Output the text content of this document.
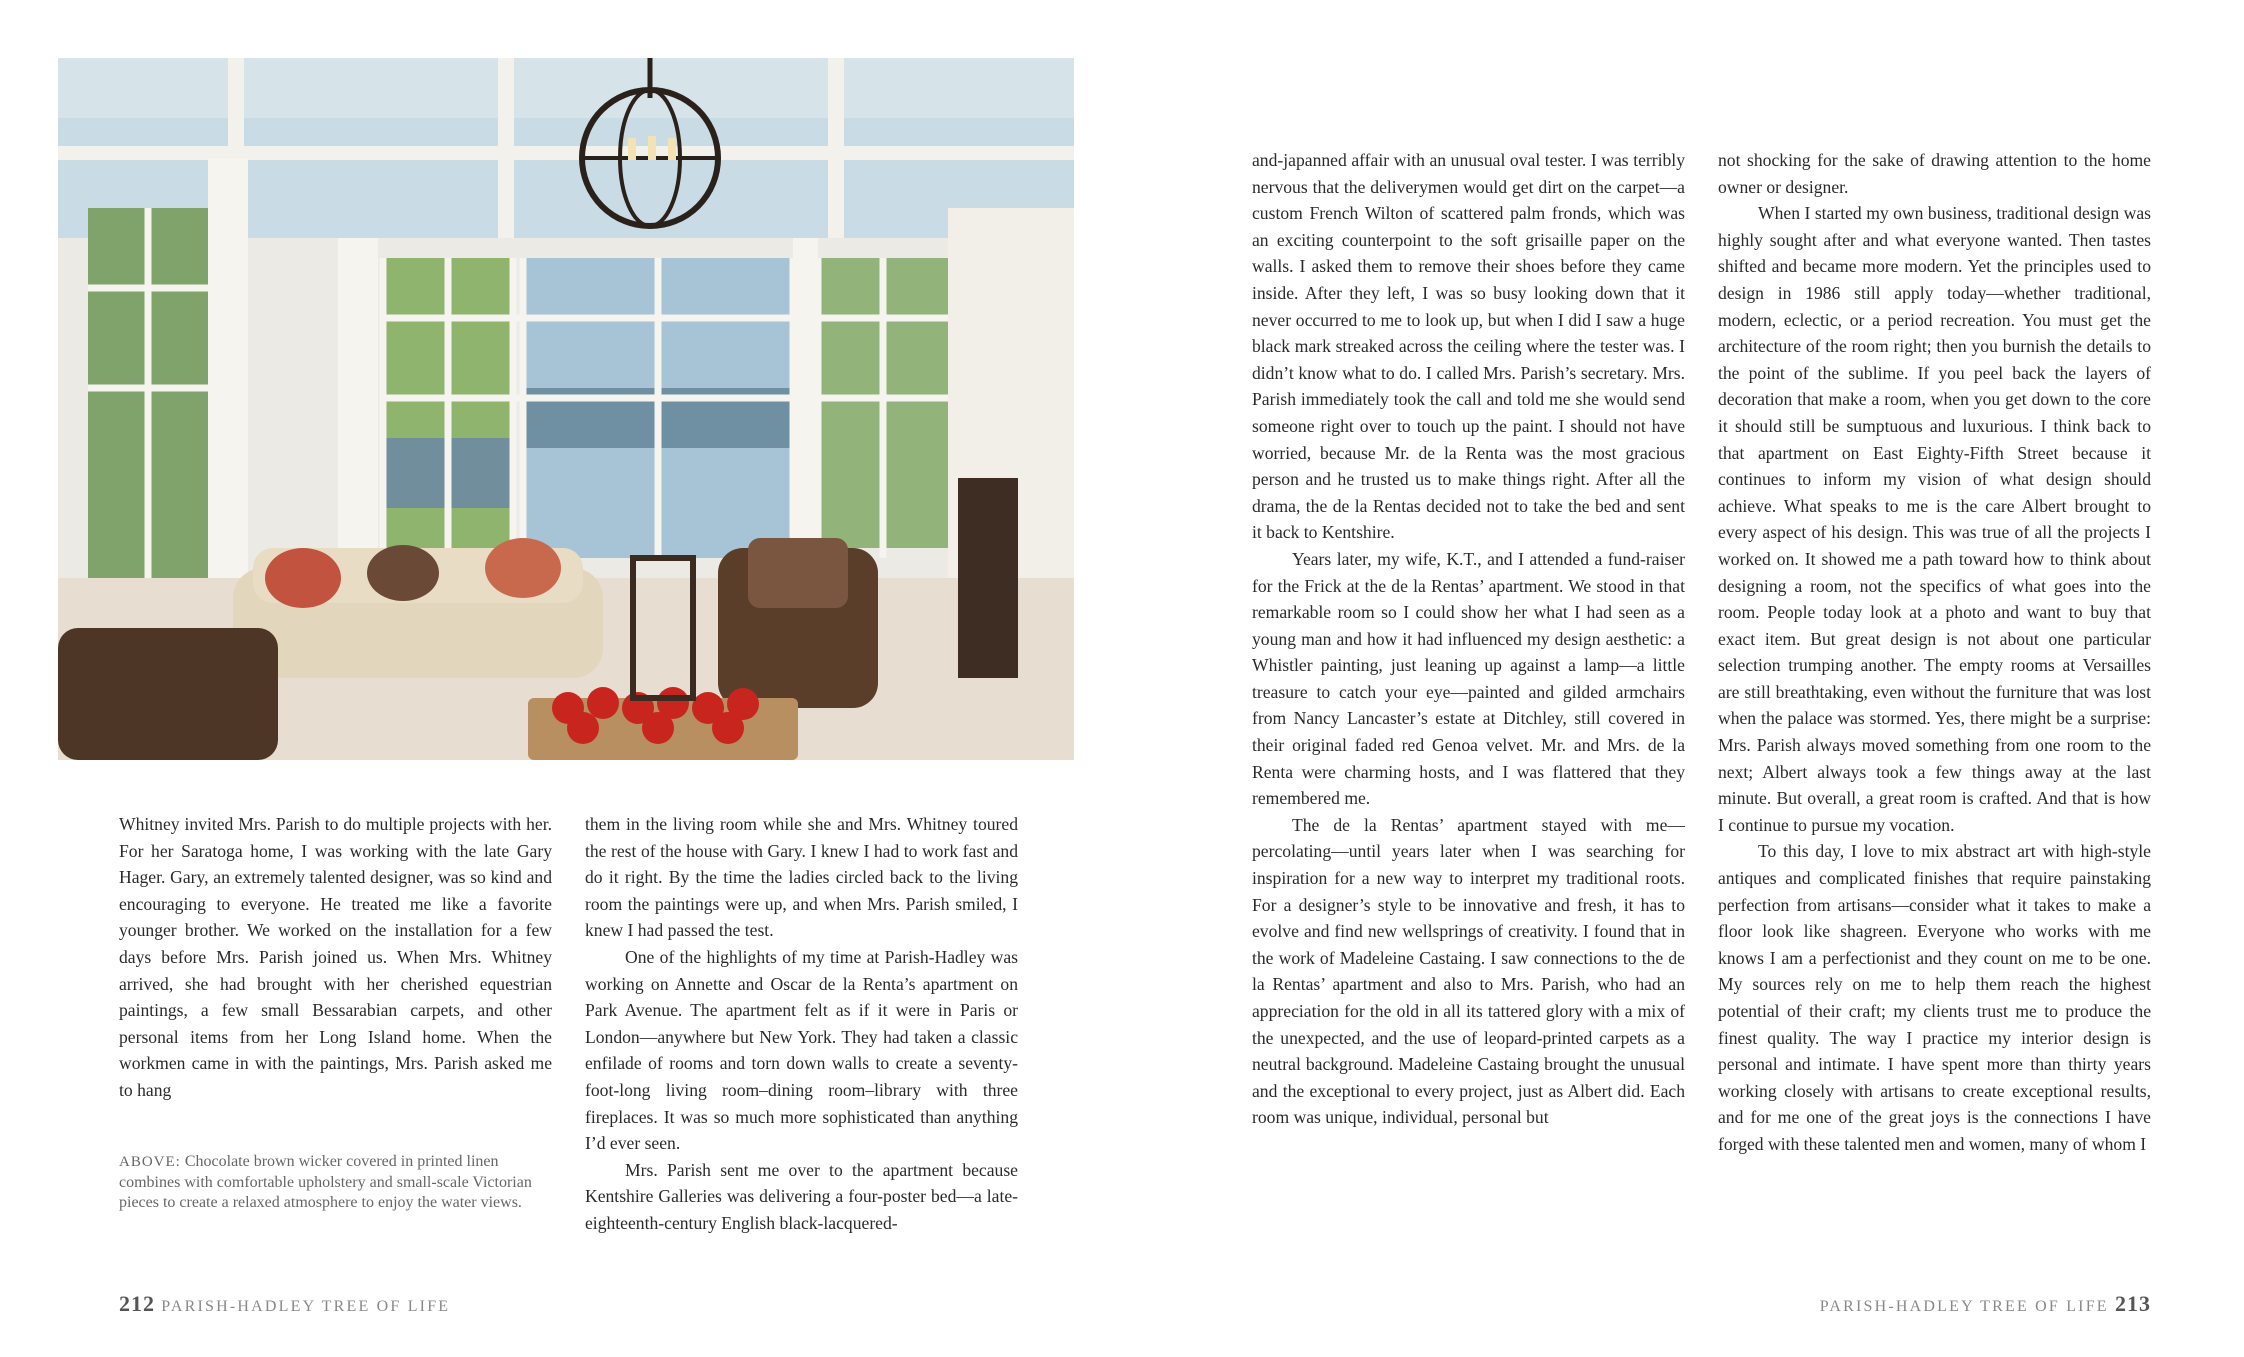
Whitney invited Mrs. Parish to do multiple projects with her. For her Saratoga home, I was working with the late Gary Hager. Gary, an extremely talented designer, was so kind and encouraging to everyone. He treated me like a favorite younger brother. We worked on the installation for a few days before Mrs. Parish joined us. When Mrs. Whitney arrived, she had brought with her cherished equestrian paintings, a few small Bessarabian carpets, and other personal items from her Long Island home. When the workmen came in with the paintings, Mrs. Parish asked me to hang

ABOVE: Chocolate brown wicker covered in printed linen combines with comfortable upholstery and small-scale Victorian pieces to create a relaxed atmosphere to enjoy the water views.

them in the living room while she and Mrs. Whitney toured the rest of the house with Gary. I knew I had to work fast and do it right. By the time the ladies circled back to the living room the paintings were up, and when Mrs. Parish smiled, I knew I had passed the test.

One of the highlights of my time at Parish-Hadley was working on Annette and Oscar de la Renta’s apartment on Park Avenue. The apartment felt as if it were in Paris or London—anywhere but New York. They had taken a classic enfilade of rooms and torn down walls to create a seventy-foot-long living room–dining room–library with three fireplaces. It was so much more sophisticated than anything I’d ever seen.

Mrs. Parish sent me over to the apartment because Kentshire Galleries was delivering a four-poster bed—a late-eighteenth-century English black-lacquered-

and-japanned affair with an unusual oval tester. I was terribly nervous that the deliverymen would get dirt on the carpet—a custom French Wilton of scattered palm fronds, which was an exciting counterpoint to the soft grisaille paper on the walls. I asked them to remove their shoes before they came inside. After they left, I was so busy looking down that it never occurred to me to look up, but when I did I saw a huge black mark streaked across the ceiling where the tester was. I didn’t know what to do. I called Mrs. Parish’s secretary. Mrs. Parish immediately took the call and told me she would send someone right over to touch up the paint. I should not have worried, because Mr. de la Renta was the most gracious person and he trusted us to make things right. After all the drama, the de la Rentas decided not to take the bed and sent it back to Kentshire.

Years later, my wife, K.T., and I attended a fund-raiser for the Frick at the de la Rentas’ apartment. We stood in that remarkable room so I could show her what I had seen as a young man and how it had influenced my design aesthetic: a Whistler painting, just leaning up against a lamp—a little treasure to catch your eye—painted and gilded armchairs from Nancy Lancaster’s estate at Ditchley, still covered in their original faded red Genoa velvet. Mr. and Mrs. de la Renta were charming hosts, and I was flattered that they remembered me.

The de la Rentas’ apartment stayed with me—percolating—until years later when I was searching for inspiration for a new way to interpret my traditional roots. For a designer’s style to be innovative and fresh, it has to evolve and find new wellsprings of creativity. I found that in the work of Madeleine Castaing. I saw connections to the de la Rentas’ apartment and also to Mrs. Parish, who had an appreciation for the old in all its tattered glory with a mix of the unexpected, and the use of leopard-printed carpets as a neutral background. Madeleine Castaing brought the unusual and the exceptional to every project, just as Albert did. Each room was unique, individual, personal but

not shocking for the sake of drawing attention to the home owner or designer.

When I started my own business, traditional design was highly sought after and what everyone wanted. Then tastes shifted and became more modern. Yet the principles used to design in 1986 still apply today—whether traditional, modern, eclectic, or a period recreation. You must get the architecture of the room right; then you burnish the details to the point of the sublime. If you peel back the layers of decoration that make a room, when you get down to the core it should still be sumptuous and luxurious. I think back to that apartment on East Eighty-Fifth Street because it continues to inform my vision of what design should achieve. What speaks to me is the care Albert brought to every aspect of his design. This was true of all the projects I worked on. It showed me a path toward how to think about designing a room, not the specifics of what goes into the room. People today look at a photo and want to buy that exact item. But great design is not about one particular selection trumping another. The empty rooms at Versailles are still breathtaking, even without the furniture that was lost when the palace was stormed. Yes, there might be a surprise: Mrs. Parish always moved something from one room to the next; Albert always took a few things away at the last minute. But overall, a great room is crafted. And that is how I continue to pursue my vocation.

To this day, I love to mix abstract art with high-style antiques and complicated finishes that require painstaking perfection from artisans—consider what it takes to make a floor look like shagreen. Everyone who works with me knows I am a perfectionist and they count on me to be one. My sources rely on me to help them reach the highest potential of their craft; my clients trust me to produce the finest quality. The way I practice my interior design is personal and intimate. I have spent more than thirty years working closely with artisans to create exceptional results, and for me one of the great joys is the connections I have forged with these talented men and women, many of whom I

212 PARISH-HADLEY TREE OF LIFE	PARISH-HADLEY TREE OF LIFE 213
